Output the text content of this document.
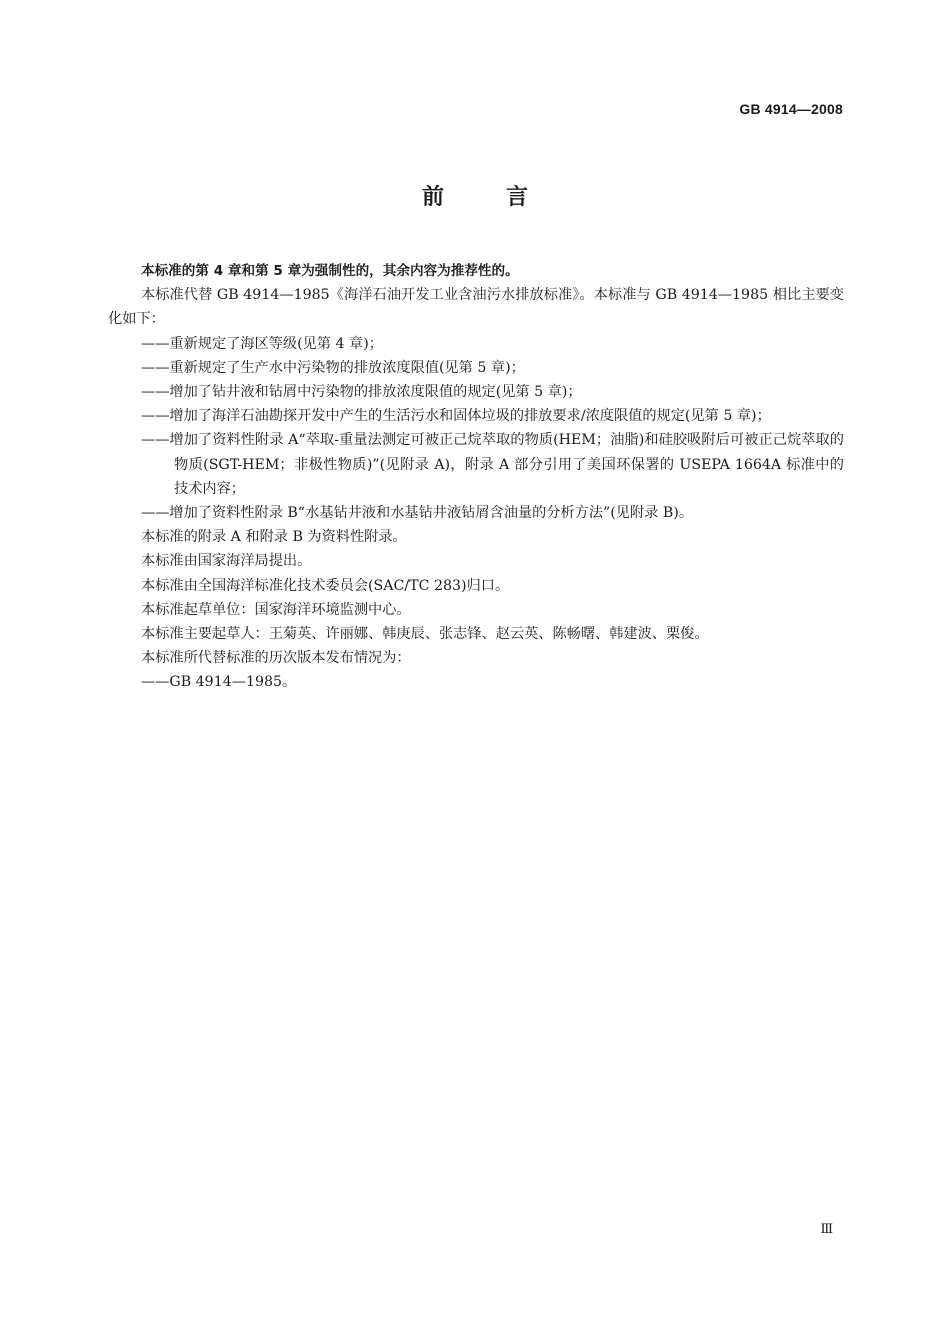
GB 4914—2008
前言

本标准的第 4 章和第 5 章为强制性的，其余内容为推荐性的。

本标准代替 GB 4914—1985《海洋石油开发工业含油污水排放标准》。本标准与 GB 4914—1985 相比主要变化如下：

——重新规定了海区等级(见第 4 章)；

——重新规定了生产水中污染物的排放浓度限值(见第 5 章)；

——增加了钻井液和钻屑中污染物的排放浓度限值的规定(见第 5 章)；

——增加了海洋石油勘探开发中产生的生活污水和固体垃圾的排放要求/浓度限值的规定(见第 5 章)；

——增加了资料性附录 A“萃取-重量法测定可被正己烷萃取的物质(HEM；油脂)和硅胶吸附后可被正己烷萃取的物质(SGT-HEM；非极性物质)”(见附录 A)，附录 A 部分引用了美国环保署的 USEPA 1664A 标准中的技术内容；

——增加了资料性附录 B“水基钻井液和水基钻井液钻屑含油量的分析方法”(见附录 B)。

本标准的附录 A 和附录 B 为资料性附录。

本标准由国家海洋局提出。

本标准由全国海洋标准化技术委员会(SAC/TC 283)归口。

本标准起草单位：国家海洋环境监测中心。

本标准主要起草人：王菊英、许丽娜、韩庚辰、张志锋、赵云英、陈畅曙、韩建波、栗俊。

本标准所代替标准的历次版本发布情况为：

——GB 4914—1985。

Ⅲ
